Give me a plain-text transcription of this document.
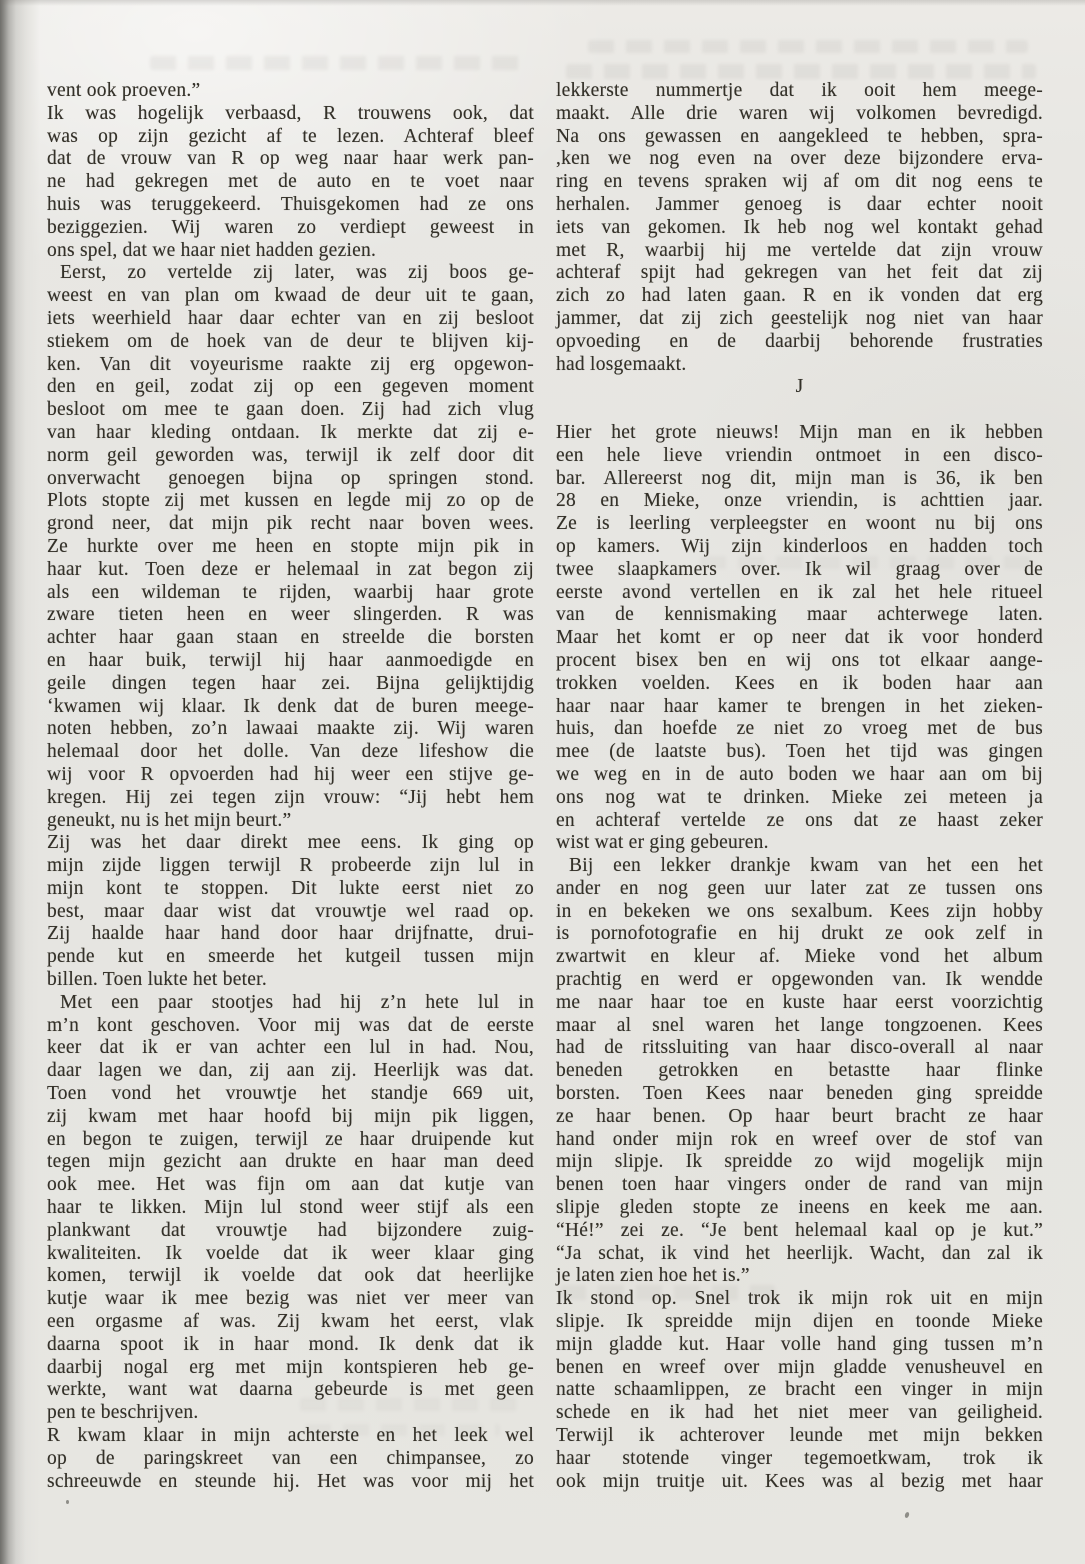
vent ook proeven.”
Ik was hogelijk verbaasd, R trouwens ook, dat
was op zijn gezicht af te lezen. Achteraf bleef
dat de vrouw van R op weg naar haar werk pan-
ne had gekregen met de auto en te voet naar
huis was teruggekeerd. Thuisgekomen had ze ons
beziggezien. Wij waren zo verdiept geweest in
ons spel, dat we haar niet hadden gezien.
Eerst, zo vertelde zij later, was zij boos ge-
weest en van plan om kwaad de deur uit te gaan,
iets weerhield haar daar echter van en zij besloot
stiekem om de hoek van de deur te blijven kij-
ken. Van dit voyeurisme raakte zij erg opgewon-
den en geil, zodat zij op een gegeven moment
besloot om mee te gaan doen. Zij had zich vlug
van haar kleding ontdaan. Ik merkte dat zij e-
norm geil geworden was, terwijl ik zelf door dit
onverwacht genoegen bijna op springen stond.
Plots stopte zij met kussen en legde mij zo op de
grond neer, dat mijn pik recht naar boven wees.
Ze hurkte over me heen en stopte mijn pik in
haar kut. Toen deze er helemaal in zat begon zij
als een wildeman te rijden, waarbij haar grote
zware tieten heen en weer slingerden. R was
achter haar gaan staan en streelde die borsten
en haar buik, terwijl hij haar aanmoedigde en
geile dingen tegen haar zei. Bijna gelijktijdig
‘kwamen wij klaar. Ik denk dat de buren meege-
noten hebben, zo’n lawaai maakte zij. Wij waren
helemaal door het dolle. Van deze lifeshow die
wij voor R opvoerden had hij weer een stijve ge-
kregen. Hij zei tegen zijn vrouw: “Jij hebt hem
geneukt, nu is het mijn beurt.”
Zij was het daar direkt mee eens. Ik ging op
mijn zijde liggen terwijl R probeerde zijn lul in
mijn kont te stoppen. Dit lukte eerst niet zo
best, maar daar wist dat vrouwtje wel raad op.
Zij haalde haar hand door haar drijfnatte, drui-
pende kut en smeerde het kutgeil tussen mijn
billen. Toen lukte het beter.
Met een paar stootjes had hij z’n hete lul in
m’n kont geschoven. Voor mij was dat de eerste
keer dat ik er van achter een lul in had. Nou,
daar lagen we dan, zij aan zij. Heerlijk was dat.
Toen vond het vrouwtje het standje 669 uit,
zij kwam met haar hoofd bij mijn pik liggen,
en begon te zuigen, terwijl ze haar druipende kut
tegen mijn gezicht aan drukte en haar man deed
ook mee. Het was fijn om aan dat kutje van
haar te likken. Mijn lul stond weer stijf als een
plankwant dat vrouwtje had bijzondere zuig-
kwaliteiten. Ik voelde dat ik weer klaar ging
komen, terwijl ik voelde dat ook dat heerlijke
kutje waar ik mee bezig was niet ver meer van
een orgasme af was. Zij kwam het eerst, vlak
daarna spoot ik in haar mond. Ik denk dat ik
daarbij nogal erg met mijn kontspieren heb ge-
werkte, want wat daarna gebeurde is met geen
pen te beschrijven.
R kwam klaar in mijn achterste en het leek wel
op de paringskreet van een chimpansee, zo
schreeuwde en steunde hij. Het was voor mij het
lekkerste nummertje dat ik ooit hem meege-
maakt. Alle drie waren wij volkomen bevredigd.
Na ons gewassen en aangekleed te hebben, spra-
,ken we nog even na over deze bijzondere erva-
ring en tevens spraken wij af om dit nog eens te
herhalen. Jammer genoeg is daar echter nooit
iets van gekomen. Ik heb nog wel kontakt gehad
met R, waarbij hij me vertelde dat zijn vrouw
achteraf spijt had gekregen van het feit dat zij
zich zo had laten gaan. R en ik vonden dat erg
jammer, dat zij zich geestelijk nog niet van haar
opvoeding en de daarbij behorende frustraties
had losgemaakt.
J
Hier het grote nieuws! Mijn man en ik hebben
een hele lieve vriendin ontmoet in een disco-
bar. Allereerst nog dit, mijn man is 36, ik ben
28 en Mieke, onze vriendin, is achttien jaar.
Ze is leerling verpleegster en woont nu bij ons
op kamers. Wij zijn kinderloos en hadden toch
twee slaapkamers over. Ik wil graag over de
eerste avond vertellen en ik zal het hele ritueel
van de kennismaking maar achterwege laten.
Maar het komt er op neer dat ik voor honderd
procent bisex ben en wij ons tot elkaar aange-
trokken voelden. Kees en ik boden haar aan
haar naar haar kamer te brengen in het zieken-
huis, dan hoefde ze niet zo vroeg met de bus
mee (de laatste bus). Toen het tijd was gingen
we weg en in de auto boden we haar aan om bij
ons nog wat te drinken. Mieke zei meteen ja
en achteraf vertelde ze ons dat ze haast zeker
wist wat er ging gebeuren.
Bij een lekker drankje kwam van het een het
ander en nog geen uur later zat ze tussen ons
in en bekeken we ons sexalbum. Kees zijn hobby
is pornofotografie en hij drukt ze ook zelf in
zwartwit en kleur af. Mieke vond het album
prachtig en werd er opgewonden van. Ik wendde
me naar haar toe en kuste haar eerst voorzichtig
maar al snel waren het lange tongzoenen. Kees
had de ritssluiting van haar disco-overall al naar
beneden getrokken en betastte haar flinke
borsten. Toen Kees naar beneden ging spreidde
ze haar benen. Op haar beurt bracht ze haar
hand onder mijn rok en wreef over de stof van
mijn slipje. Ik spreidde zo wijd mogelijk mijn
benen toen haar vingers onder de rand van mijn
slipje gleden stopte ze ineens en keek me aan.
“Hé!” zei ze. “Je bent helemaal kaal op je kut.”
“Ja schat, ik vind het heerlijk. Wacht, dan zal ik
je laten zien hoe het is.”
Ik stond op. Snel trok ik mijn rok uit en mijn
slipje. Ik spreidde mijn dijen en toonde Mieke
mijn gladde kut. Haar volle hand ging tussen m’n
benen en wreef over mijn gladde venusheuvel en
natte schaamlippen, ze bracht een vinger in mijn
schede en ik had het niet meer van geiligheid.
Terwijl ik achterover leunde met mijn bekken
haar stotende vinger tegemoetkwam, trok ik
ook mijn truitje uit. Kees was al bezig met haar
